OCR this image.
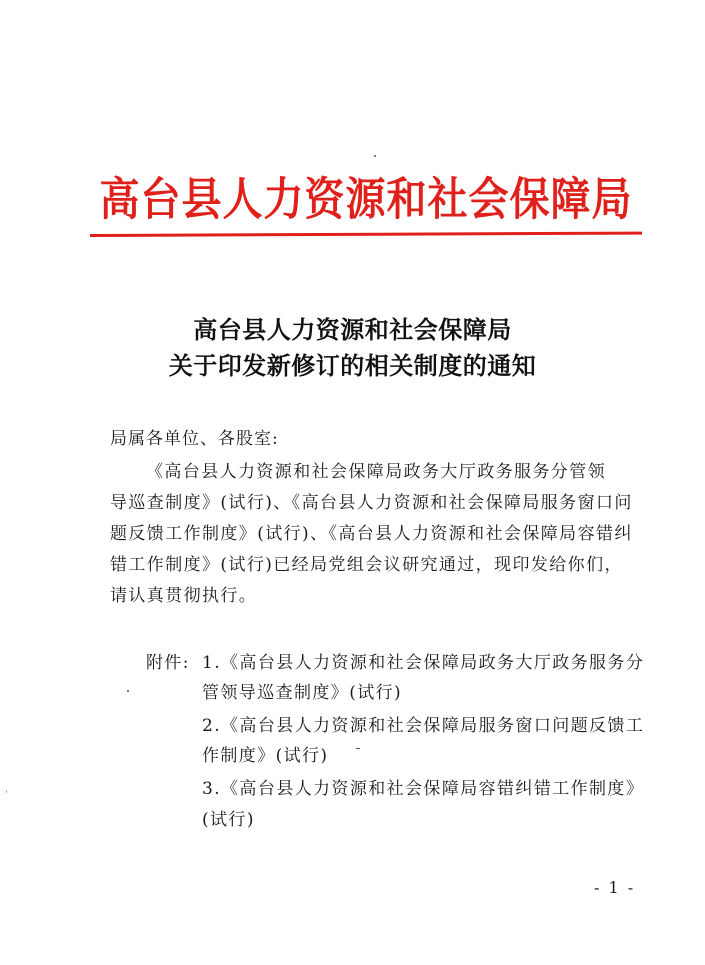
高台县人力资源和社会保障局
高台县人力资源和社会保障局
关于印发新修订的相关制度的通知
局属各单位、各股室:
《高台县人力资源和社会保障局政务大厅政务服务分管领
导巡查制度》(试行)、《高台县人力资源和社会保障局服务窗口问
题反馈工作制度》(试行)、《高台县人力资源和社会保障局容错纠
错工作制度》(试行)已经局党组会议研究通过，现印发给你们，
请认真贯彻执行。
附件: 1.《高台县人力资源和社会保障局政务大厅政务服务分
管领导巡查制度》(试行)
2.《高台县人力资源和社会保障局服务窗口问题反馈工
作制度》(试行)
3.《高台县人力资源和社会保障局容错纠错工作制度》
(试行)
- 1 -
